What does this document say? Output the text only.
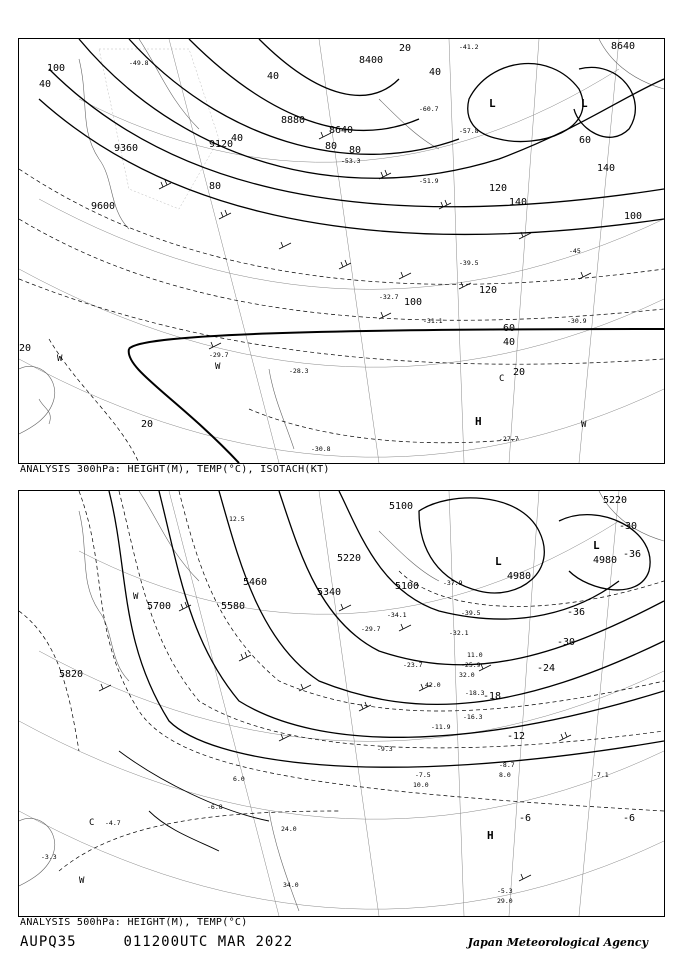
9600
9360	9120
8880
8640
8400
8640
100
120
140
140
100
120
100
60
40
20
20
20
40
40
40	60
80
80 80
40
20
-30.9
-31.1
-32.7
-29.7
-28.3
-30.8
-27.7
-60.7
-57.8
-51.9
-45
-39.5
-41.2
-49.8
-53.3
L	L
H
W
W
W
C
ANALYSIS 300hPa: HEIGHT(M), TEMP(°C), ISOTACH(KT)
5820
5700	5580
5460
5340
5220
5100
5100
4980
4980
5220
-6
-12
-18
-24
-30
-36
-36
-30
-6
-39.5
-37.9
-34.1
-32.1
-29.7
-25.9
-23.7
-18.3
-16.3
-11.9
-9.3
-8.7
-7.5	-7.1
-6.8
-5.3
-4.7
-3.3
12.5
11.0
10.0
8.0
6.0
24.0
29.0
34.0
32.0
42.0
L
L
H
W
W
C
ANALYSIS 500hPa: HEIGHT(M), TEMP(°C)
AUPQ35	011200UTC MAR 2022	Japan Meteorological Agency
